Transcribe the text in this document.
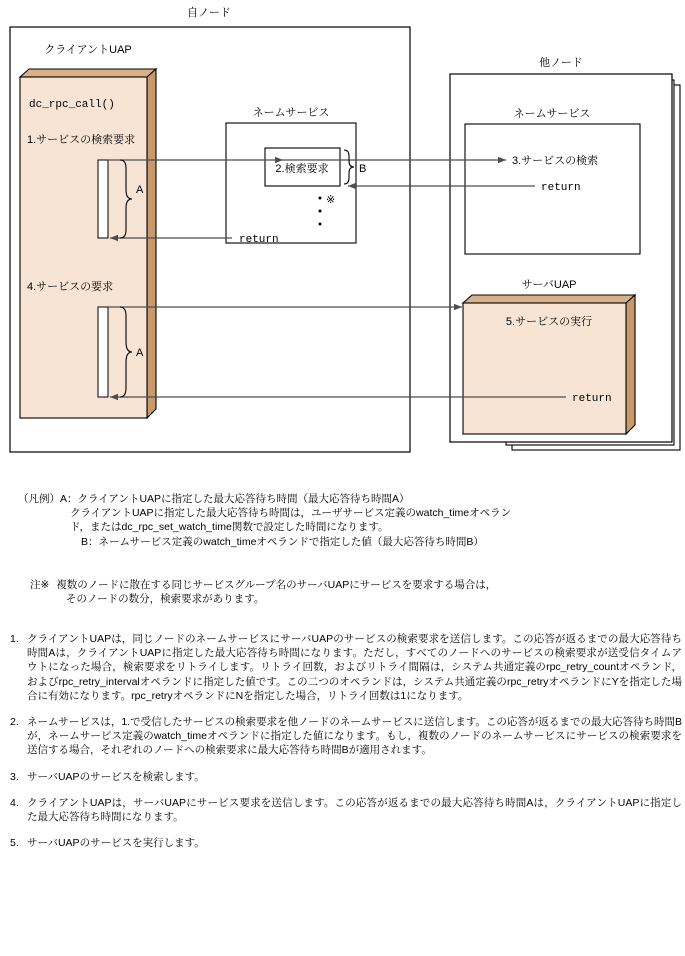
自ノード
他ノード
クライアントUAP
dc_rpc_call()
1.サービスの検索要求
4.サービスの要求
A
A
ネームサービス
2.検索要求	B
※
ネームサービス
3.サービスの検索
サーバUAP
5.サービスの実行
return
return
return
（凡例） A： クライアントUAPに指定した最大応答待ち時間（最大応答待ち時間A）
クライアントUAPに指定した最大応答待ち時間は，ユーザサービス定義のwatch_timeオペラン
ド，またはdc_rpc_set_watch_time関数で設定した時間になります。
B： ネームサービス定義のwatch_timeオペランドで指定した値（最大応答待ち時間B）
注※ 複数のノードに散在する同じサービスグループ名のサーバUAPにサービスを要求する場合は，
そのノードの数分，検索要求があります。
1. クライアントUAPは，同じノードのネームサービスにサーバUAPのサービスの検索要求を送信します。この応答が返るまでの最大応答待ち時間Aは，クライアントUAPに指定した最大応答待ち時間になります。ただし，すべてのノードへのサービスの検索要求が送受信タイムアウトになった場合，検索要求をリトライします。リトライ回数，およびリトライ間隔は，システム共通定義のrpc_retry_countオペランド，およびrpc_retry_intervalオペランドに指定した値です。この二つのオペランドは，システム共通定義のrpc_retryオペランドにYを指定した場合に有効になります。rpc_retryオペランドにNを指定した場合，リトライ回数は1になります。
2. ネームサービスは，1.で受信したサービスの検索要求を他ノードのネームサービスに送信します。この応答が返るまでの最大応答待ち時間Bが，ネームサービス定義のwatch_timeオペランドに指定した値になります。もし，複数のノードのネームサービスにサービスの検索要求を送信する場合，それぞれのノードへの検索要求に最大応答待ち時間Bが適用されます。
3. サーバUAPのサービスを検索します。
4. クライアントUAPは，サーバUAPにサービス要求を送信します。この応答が返るまでの最大応答待ち時間Aは，クライアントUAPに指定した最大応答待ち時間になります。
5. サーバUAPのサービスを実行します。
